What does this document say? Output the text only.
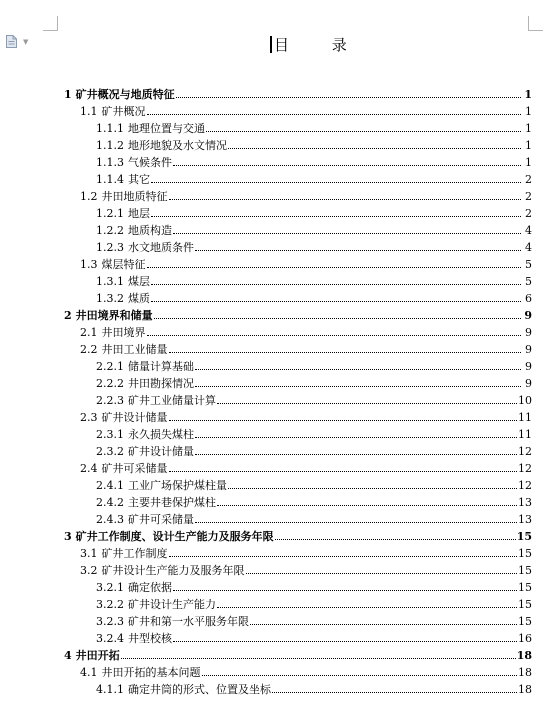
▼	目 录
1 矿井概况与地质特征	1
1.1 矿井概况	1
1.1.1 地理位置与交通	1
1.1.2 地形地貌及水文情况	1
1.1.3 气候条件	1
1.1.4 其它	2
1.2 井田地质特征	2
1.2.1 地层	2
1.2.2 地质构造	4
1.2.3 水文地质条件	4
1.3 煤层特征	5
1.3.1 煤层	5
1.3.2 煤质	6
2 井田境界和储量	9
2.1 井田境界	9
2.2 井田工业储量	9
2.2.1 储量计算基础	9
2.2.2 井田勘探情况	9
2.2.3 矿井工业储量计算	10
2.3 矿井设计储量	11
2.3.1 永久损失煤柱	11
2.3.2 矿井设计储量	12
2.4 矿井可采储量	12
2.4.1 工业广场保护煤柱量	12
2.4.2 主要井巷保护煤柱	13
2.4.3 矿井可采储量	13
3 矿井工作制度、设计生产能力及服务年限	15
3.1 矿井工作制度	15
3.2 矿井设计生产能力及服务年限	15
3.2.1 确定依据	15
3.2.2 矿井设计生产能力	15
3.2.3 矿井和第一水平服务年限	15
3.2.4 井型校核	16
4 井田开拓	18
4.1 井田开拓的基本问题	18
4.1.1 确定井筒的形式、位置及坐标	18
